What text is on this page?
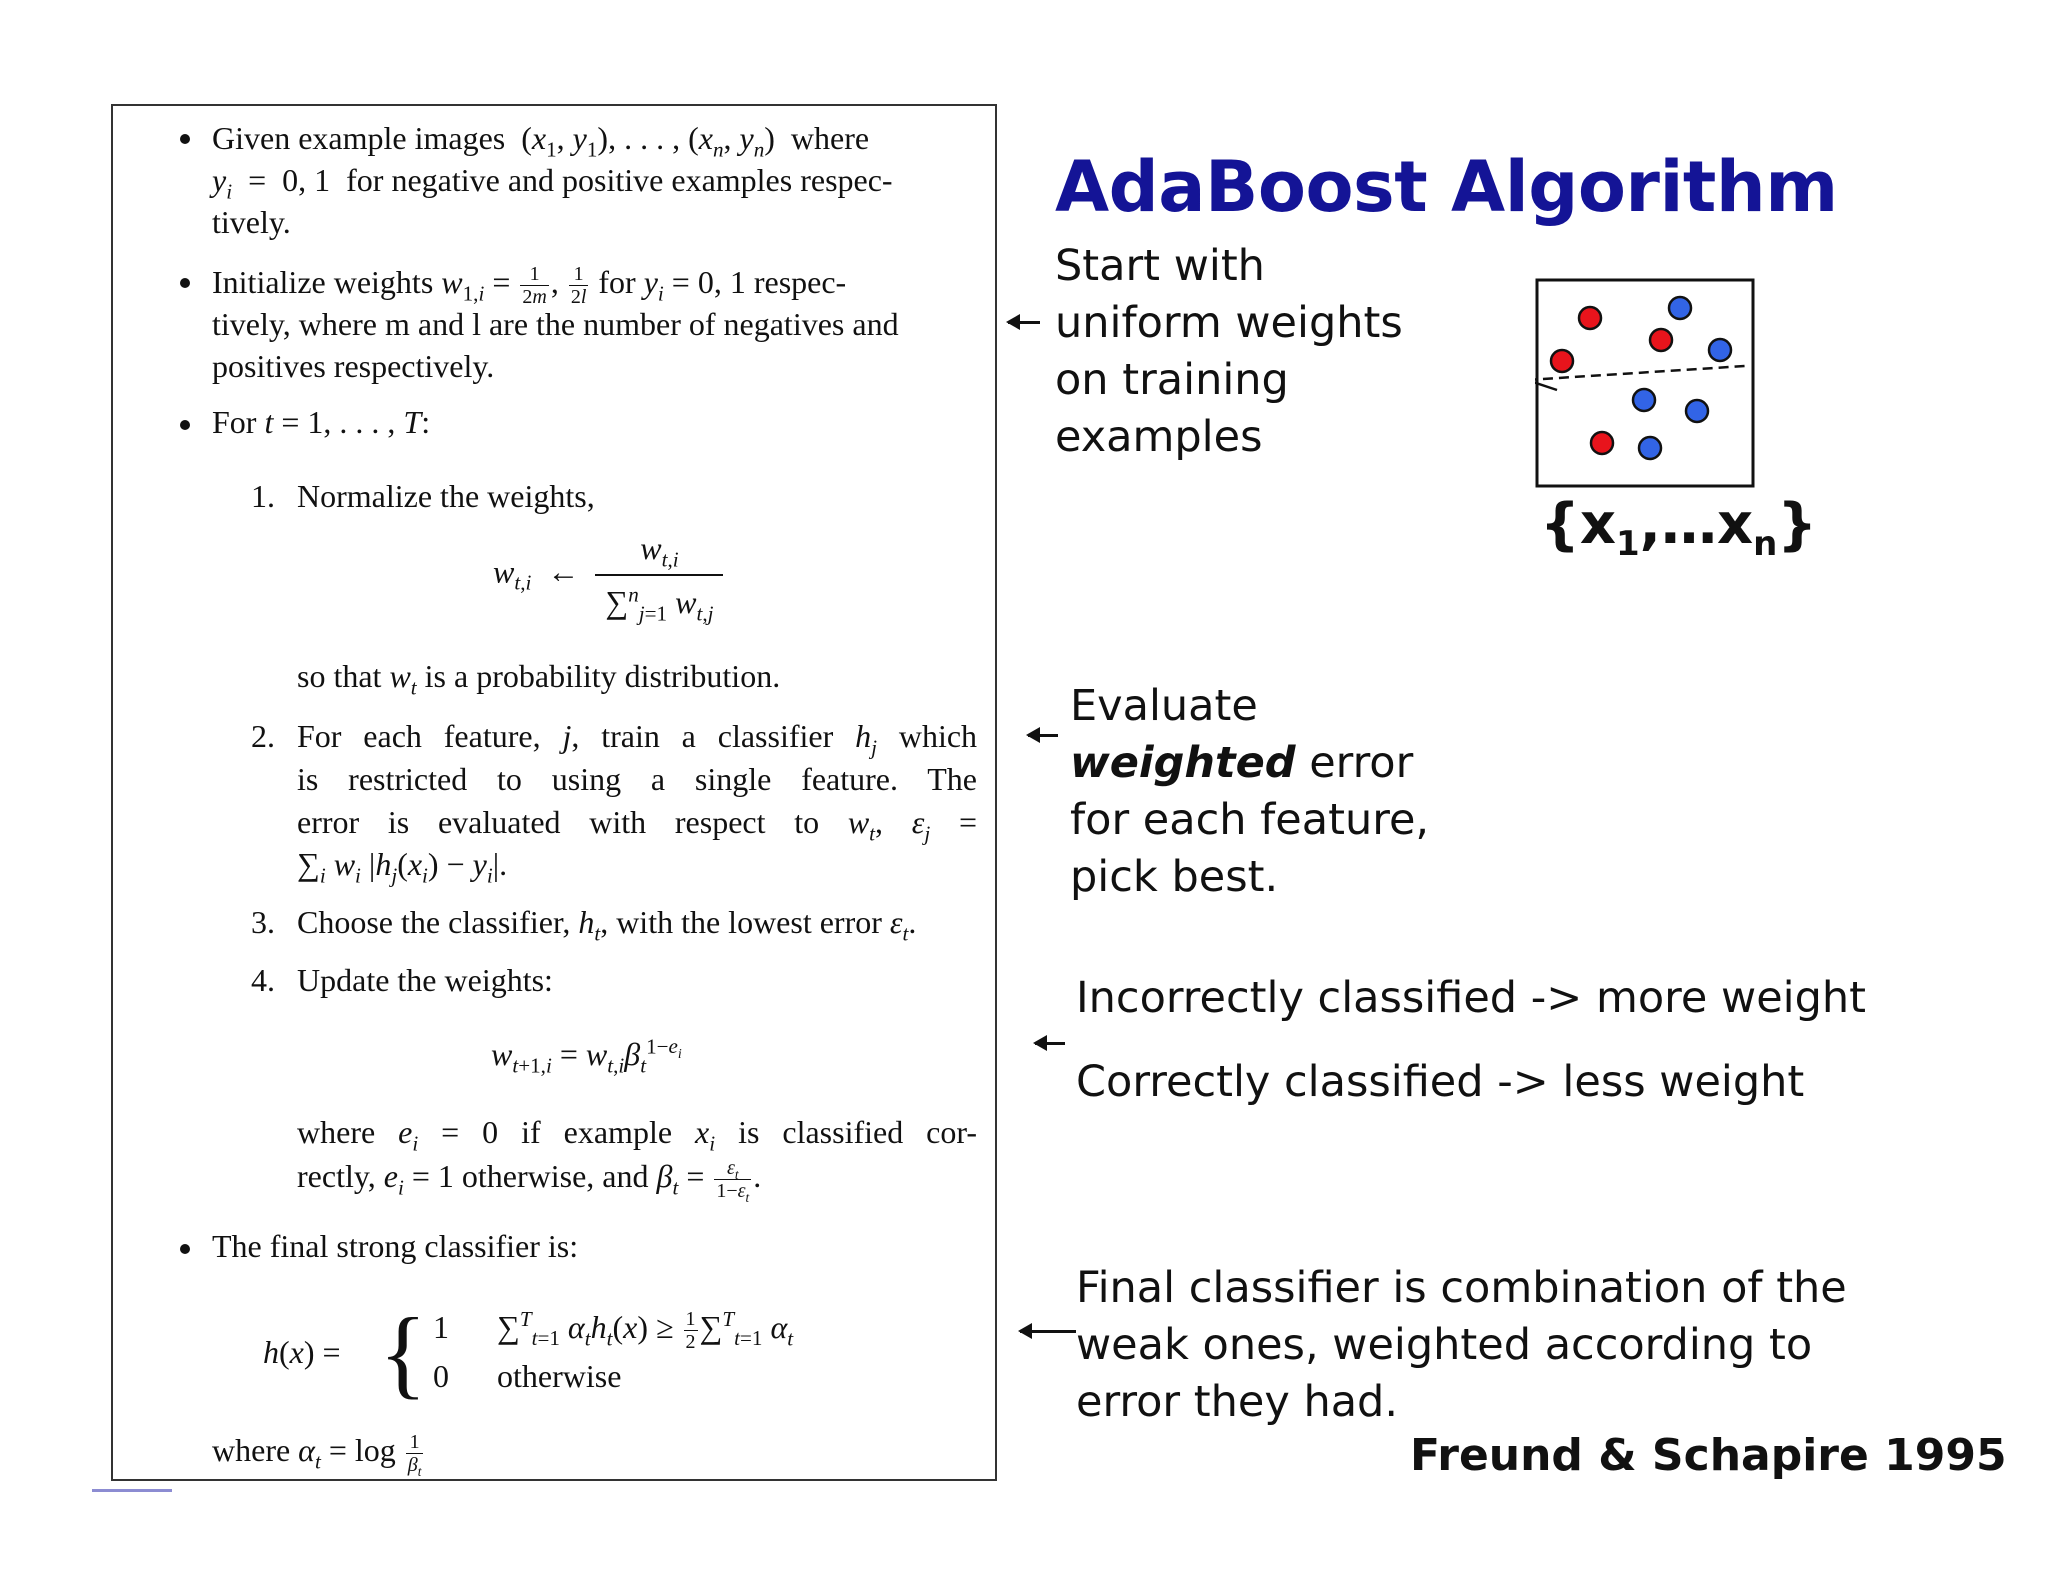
Given example images  ($x_1$, $y_1$), . . . , ($x_n$, $y_n$)  where
$y_i = 0$, 1  for negative and positive examples respec-
tively.
Initialize weights $w_{1,i} = \frac{1}{2m}$ , $\frac{1}{2l}$ for $y_i = 0$, 1 respec-
tively, where m and l are the number of negatives and
positives respectively.
For t = 1, . . . , T:
1. Normalize the weights,
$w_{t,i}$  ← $\frac{w_{t,i}}{\sum^n_{j=1} w_{t,j}}$
so that $w_t$ is a probability distribution.
2. For each feature, j, train a classifier $h_j$ which
is restricted to using a single feature. The
error is evaluated with respect to $w_t$, $\varepsilon_j$ =
$\sum_i$ $w_i$ $|h_j(x_i) - y_i|$.
3. Choose the classifier, $h_t$, with the lowest error $\varepsilon_t$.
4. Update the weights:
$w_{t+1,i} = w_{t,i}\beta_t^{1-e_i}$
where $e_i = 0$ if example $x_i$ is classified cor-
rectly, $e_i = 1$ otherwise, and $\beta_t = \frac{\varepsilon_t}{1-\varepsilon_t}$ .
The final strong classifier is:
h(x) = { 1      ∑$^T_{t=1}$ $\alpha_th_t(x) \ge \frac{1}{2} \sum^T_{t=1}$ $\alpha_t$
0      otherwise
where $\alpha_t = \log \frac{1}{\beta_t}$
AdaBoost Algorithm
Start with
uniform weights
on training
examples
$\{x_1,\dots x_n\}$
Evaluate
weighted error
for each feature,
pick best.
Incorrectly classified -> more weight
Correctly classified -> less weight
Final classifier is combination of the
weak ones, weighted according to
error they had.
Freund & Schapire 1995
